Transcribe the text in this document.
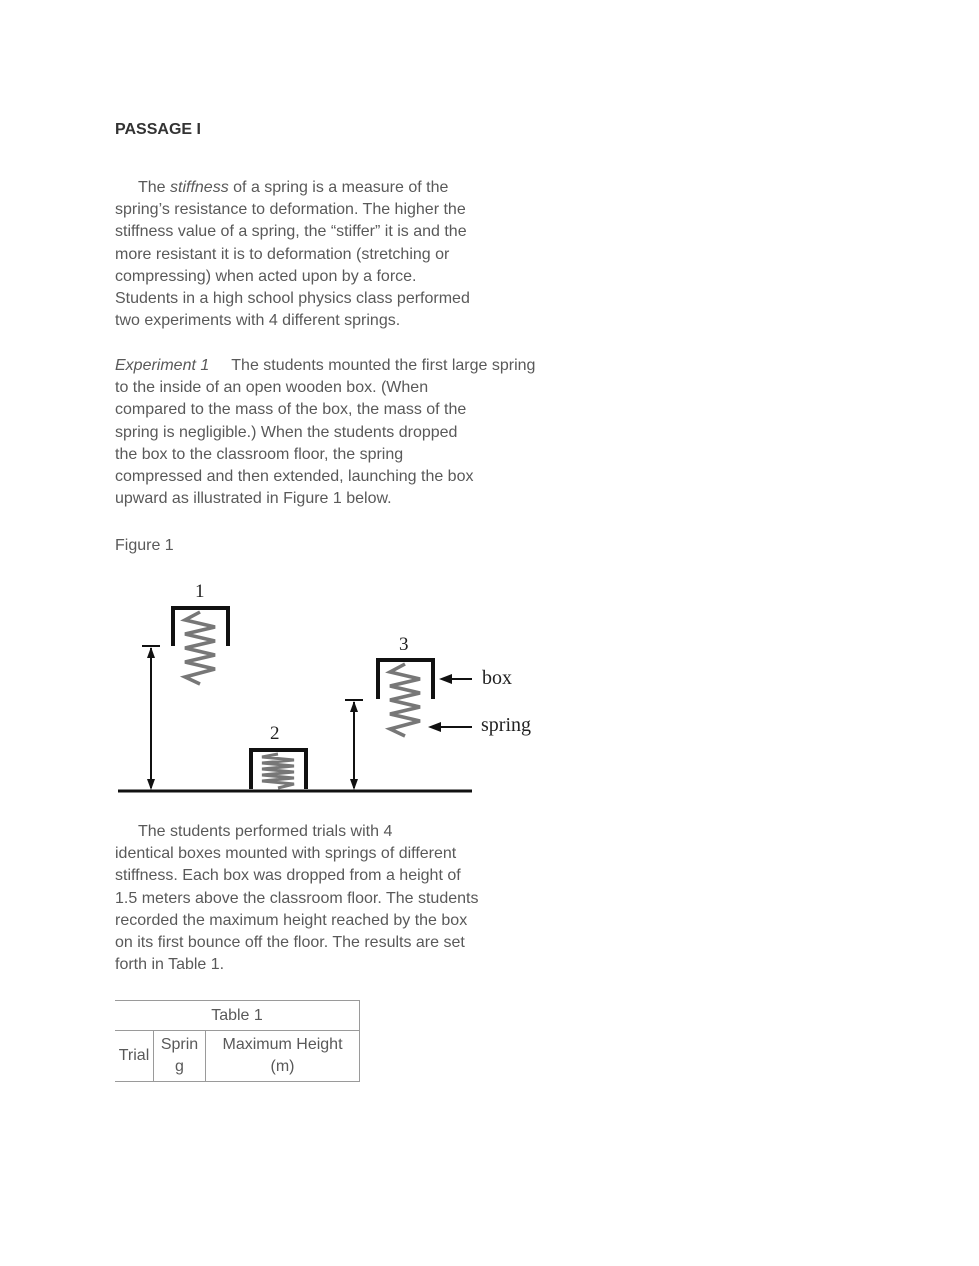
PASSAGE I

The stiffness of a spring is a measure of the
spring’s resistance to deformation. The higher the
stiffness value of a spring, the “stiffer” it is and the
more resistant it is to deformation (stretching or
compressing) when acted upon by a force.
Students in a high school physics class performed
two experiments with 4 different springs.

Experiment 1 The students mounted the first large spring
to the inside of an open wooden box. (When
compared to the mass of the box, the mass of the
spring is negligible.) When the students dropped
the box to the classroom floor, the spring
compressed and then extended, launching the box
upward as illustrated in Figure 1 below.

Figure 1
1
2
3
box
spring

The students performed trials with 4
identical boxes mounted with springs of different
stiffness. Each box was dropped from a height of
1.5 meters above the classroom floor. The students
recorded the maximum height reached by the box
on its first bounce off the floor. The results are set
forth in Table 1.

Table 1
Trial	Sprin g	Maximum Height (m)
